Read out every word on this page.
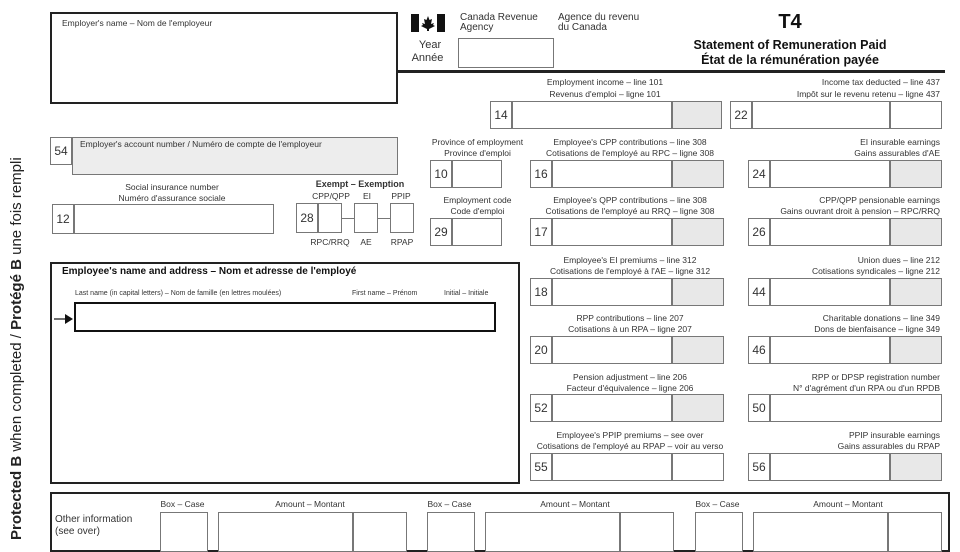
Protected B when completed / Protégé B une fois rempli
Employer's name – Nom de l'employeur	Canada Revenue Agency
Agence du revenu du Canada
Year
Année
T4
Statement of Remuneration Paid
État de la rémunération payée
Employment income – line 101
Revenus d'emploi – ligne 101
14
Income tax deducted – line 437
Impôt sur le revenu retenu – ligne 437
22
54	Employer's account number / Numéro de compte de l'employeur	Province of employment
Province d'emploi
10
Employee's CPP contributions – line 308
Cotisations de l'employé au RPC – ligne 308
16
EI insurable earnings
Gains assurables d'AE
24
Social insurance number
Numéro d'assurance sociale
12
Exempt – Exemption
CPP/QPP	EI	PPIP
28
RPC/RRQ	AE	RPAP
Employment code
Code d'emploi
29
Employee's QPP contributions – line 308
Cotisations de l'employé au RRQ – ligne 308
17
CPP/QPP pensionable earnings
Gains ouvrant droit à pension – RPC/RRQ
26
Employee's name and address – Nom et adresse de l'employé
Last name (in capital letters) – Nom de famille (en lettres moulées)	First name – Prénom	Initial – Initiale
Employee's EI premiums – line 312
Cotisations de l'employé à l'AE – ligne 312
18
Union dues – line 212
Cotisations syndicales – ligne 212
44
RPP contributions – line 207
Cotisations à un RPA – ligne 207
20
Charitable donations – line 349
Dons de bienfaisance – ligne 349
46
Pension adjustment – line 206
Facteur d'équivalence – ligne 206
52
RPP or DPSP registration number
N° d'agrément d'un RPA ou d'un RPDB
50
Employee's PPIP premiums – see over
Cotisations de l'employé au RPAP – voir au verso
55
PPIP insurable earnings
Gains assurables du RPAP
56
Other information
(see over)
Box – Case	Amount – Montant	Box – Case	Amount – Montant	Box – Case	Amount – Montant
